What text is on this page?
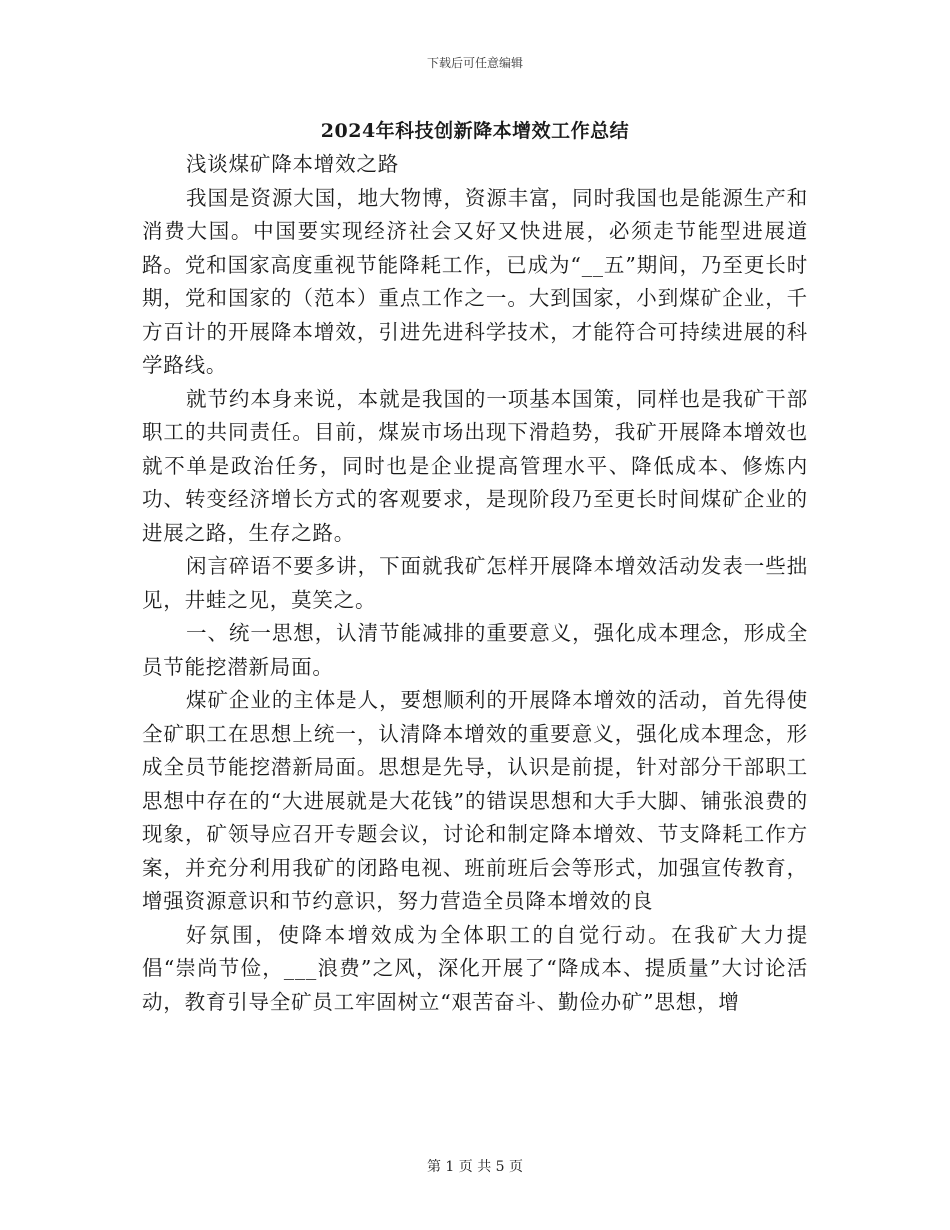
下载后可任意编辑
2024年科技创新降本增效工作总结

浅谈煤矿降本增效之路

我国是资源大国，地大物博，资源丰富，同时我国也是能源生产和消费大国。中国要实现经济社会又好又快进展，必须走节能型进展道路。党和国家高度重视节能降耗工作，已成为“__五”期间，乃至更长时期，党和国家的（范本）重点工作之一。大到国家，小到煤矿企业，千方百计的开展降本增效，引进先进科学技术，才能符合可持续进展的科学路线。

就节约本身来说，本就是我国的一项基本国策，同样也是我矿干部职工的共同责任。目前，煤炭市场出现下滑趋势，我矿开展降本增效也就不单是政治任务，同时也是企业提高管理水平、降低成本、修炼内功、转变经济增长方式的客观要求，是现阶段乃至更长时间煤矿企业的进展之路，生存之路。

闲言碎语不要多讲，下面就我矿怎样开展降本增效活动发表一些拙见，井蛙之见，莫笑之。

一、统一思想，认清节能减排的重要意义，强化成本理念，形成全员节能挖潜新局面。

煤矿企业的主体是人，要想顺利的开展降本增效的活动，首先得使全矿职工在思想上统一，认清降本增效的重要意义，强化成本理念，形成全员节能挖潜新局面。思想是先导，认识是前提，针对部分干部职工思想中存在的“大进展就是大花钱”的错误思想和大手大脚、铺张浪费的现象，矿领导应召开专题会议，讨论和制定降本增效、节支降耗工作方案，并充分利用我矿的闭路电视、班前班后会等形式，加强宣传教育，增强资源意识和节约意识，努力营造全员降本增效的良

好氛围，使降本增效成为全体职工的自觉行动。在我矿大力提倡“崇尚节俭，___浪费”之风，深化开展了“降成本、提质量”大讨论活动，教育引导全矿员工牢固树立“艰苦奋斗、勤俭办矿”思想，增

第 1 页 共 5 页
